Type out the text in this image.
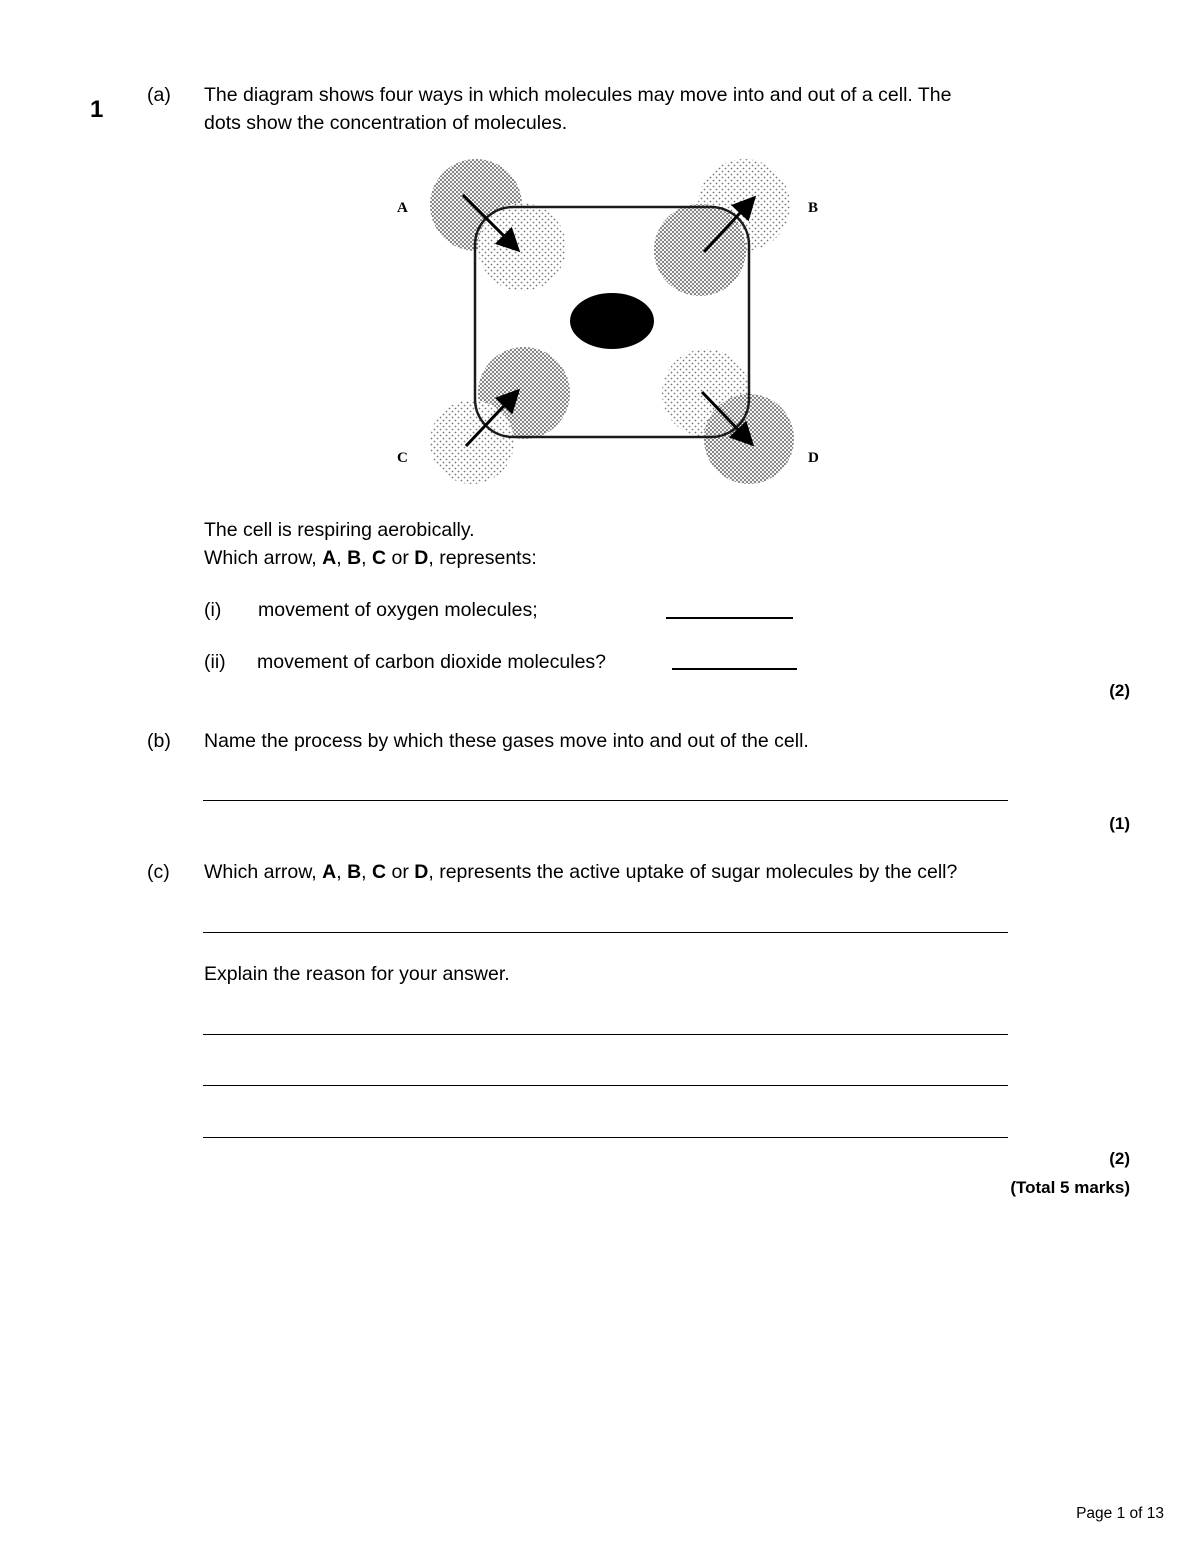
1
(a) The diagram shows four ways in which molecules may move into and out of a cell. The
dots show the concentration of molecules.
A	B
C	D
The cell is respiring aerobically.
Which arrow, A, B, C or D, represents:
(i) movement of oxygen molecules;
(ii) movement of carbon dioxide molecules?
(2)
(b) Name the process by which these gases move into and out of the cell.
(1)
(c) Which arrow, A, B, C or D, represents the active uptake of sugar molecules by the cell?
Explain the reason for your answer.
(2)
(Total 5 marks)
Page 1 of 13
